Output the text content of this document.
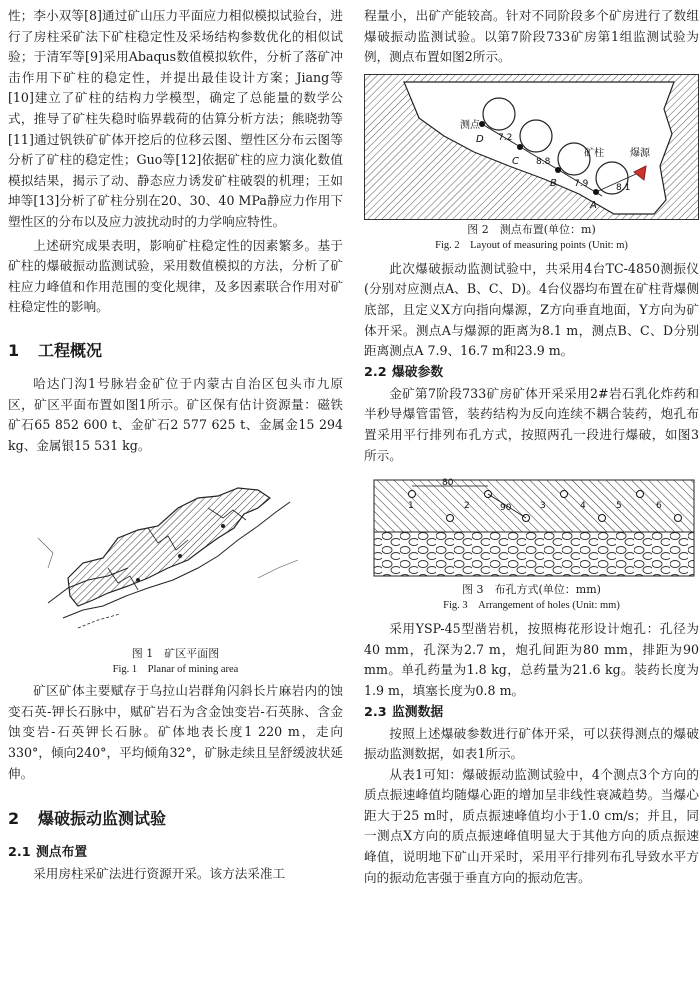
性；李小双等[8]通过矿山压力平面应力相似模拟试验台，进行了房柱采矿法下矿柱稳定性及采场结构参数优化的相似试验；于清军等[9]采用Abaqus数值模拟软件，分析了落矿冲击作用下矿柱的稳定性，并提出最佳设计方案；Jiang等[10]建立了矿柱的结构力学模型，确定了总能量的数学公式，推导了矿柱失稳时临界载荷的估算分析方法；熊晓勃等[11]通过钒铁矿矿体开挖后的位移云图、塑性区分布云图等分析了矿柱的稳定性；Guo等[12]依据矿柱的应力演化数值模拟结果，揭示了动、静态应力诱发矿柱破裂的机理；王如坤等[13]分析了矿柱分别在20、30、40 MPa静应力作用下塑性区的分布以及应力波扰动时的力学响应特性。

上述研究成果表明，影响矿柱稳定性的因素繁多。基于矿柱的爆破振动监测试验，采用数值模拟的方法，分析了矿柱应力峰值和作用范围的变化规律，及多因素联合作用对矿柱稳定性的影响。

1 工程概况

哈达门沟1号脉岩金矿位于内蒙古自治区包头市九原区，矿区平面布置如图1所示。矿区保有估计资源量：磁铁矿石65 852 600 t、金矿石2 577 625 t、金属金15 294 kg、金属银15 531 kg。

图 1　矿区平面图

Fig. 1　Planar of mining area

矿区矿体主要赋存于乌拉山岩群角闪斜长片麻岩内的蚀变石英-钾长石脉中，赋矿岩石为含金蚀变岩-石英脉、含金蚀变岩-石英钾长石脉。矿体地表长度1 220 m，走向330°，倾向240°，平均倾角32°，矿脉走续且呈舒缓波状延伸。

2 爆破振动监测试验
2.1 测点布置

采用房柱采矿法进行资源开采。该方法采准工

程量小，出矿产能较高。针对不同阶段多个矿房进行了数组爆破振动监测试验。以第7阶段733矿房第1组监测试验为例，测点布置如图2所示。

测点
爆源
矿柱
D
C
B
A
7.2
8.8
7.9	8.1

图 2　测点布置(单位：m)

Fig. 2　Layout of measuring points (Unit: m)

此次爆破振动监测试验中，共采用4台TC-4850测振仪(分别对应测点A、B、C、D)。4台仪器均布置在矿柱背爆侧底部，且定义X方向指向爆源，Z方向垂直地面，Y方向为矿体开采。测点A与爆源的距离为8.1 m，测点B、C、D分别距离测点A 7.9、16.7 m和23.9 m。

2.2 爆破参数

金矿第7阶段733矿房矿体开采采用2#岩石乳化炸药和半秒导爆管雷管，装药结构为反向连续不耦合装药，炮孔布置采用平行排列布孔方式，按照两孔一段进行爆破，如图3所示。

80
90
1	2	3	4	5	6

图 3　布孔方式(单位：mm)

Fig. 3　Arrangement of holes (Unit: mm)

采用YSP-45型凿岩机，按照梅花形设计炮孔：孔径为40 mm，孔深为2.7 m，炮孔间距为80 mm，排距为90 mm。单孔药量为1.8 kg，总药量为21.6 kg。装药长度为1.9 m，填塞长度为0.8 m。

2.3 监测数据

按照上述爆破参数进行矿体开采，可以获得测点的爆破振动监测数据，如表1所示。

从表1可知：爆破振动监测试验中，4个测点3个方向的质点振速峰值均随爆心距的增加呈非线性衰减趋势。当爆心距大于25 m时，质点振速峰值均小于1.0 cm/s；并且，同一测点X方向的质点振速峰值明显大于其他方向的质点振速峰值，说明地下矿山开采时，采用平行排列布孔导致水平方向的振动危害强于垂直方向的振动危害。
